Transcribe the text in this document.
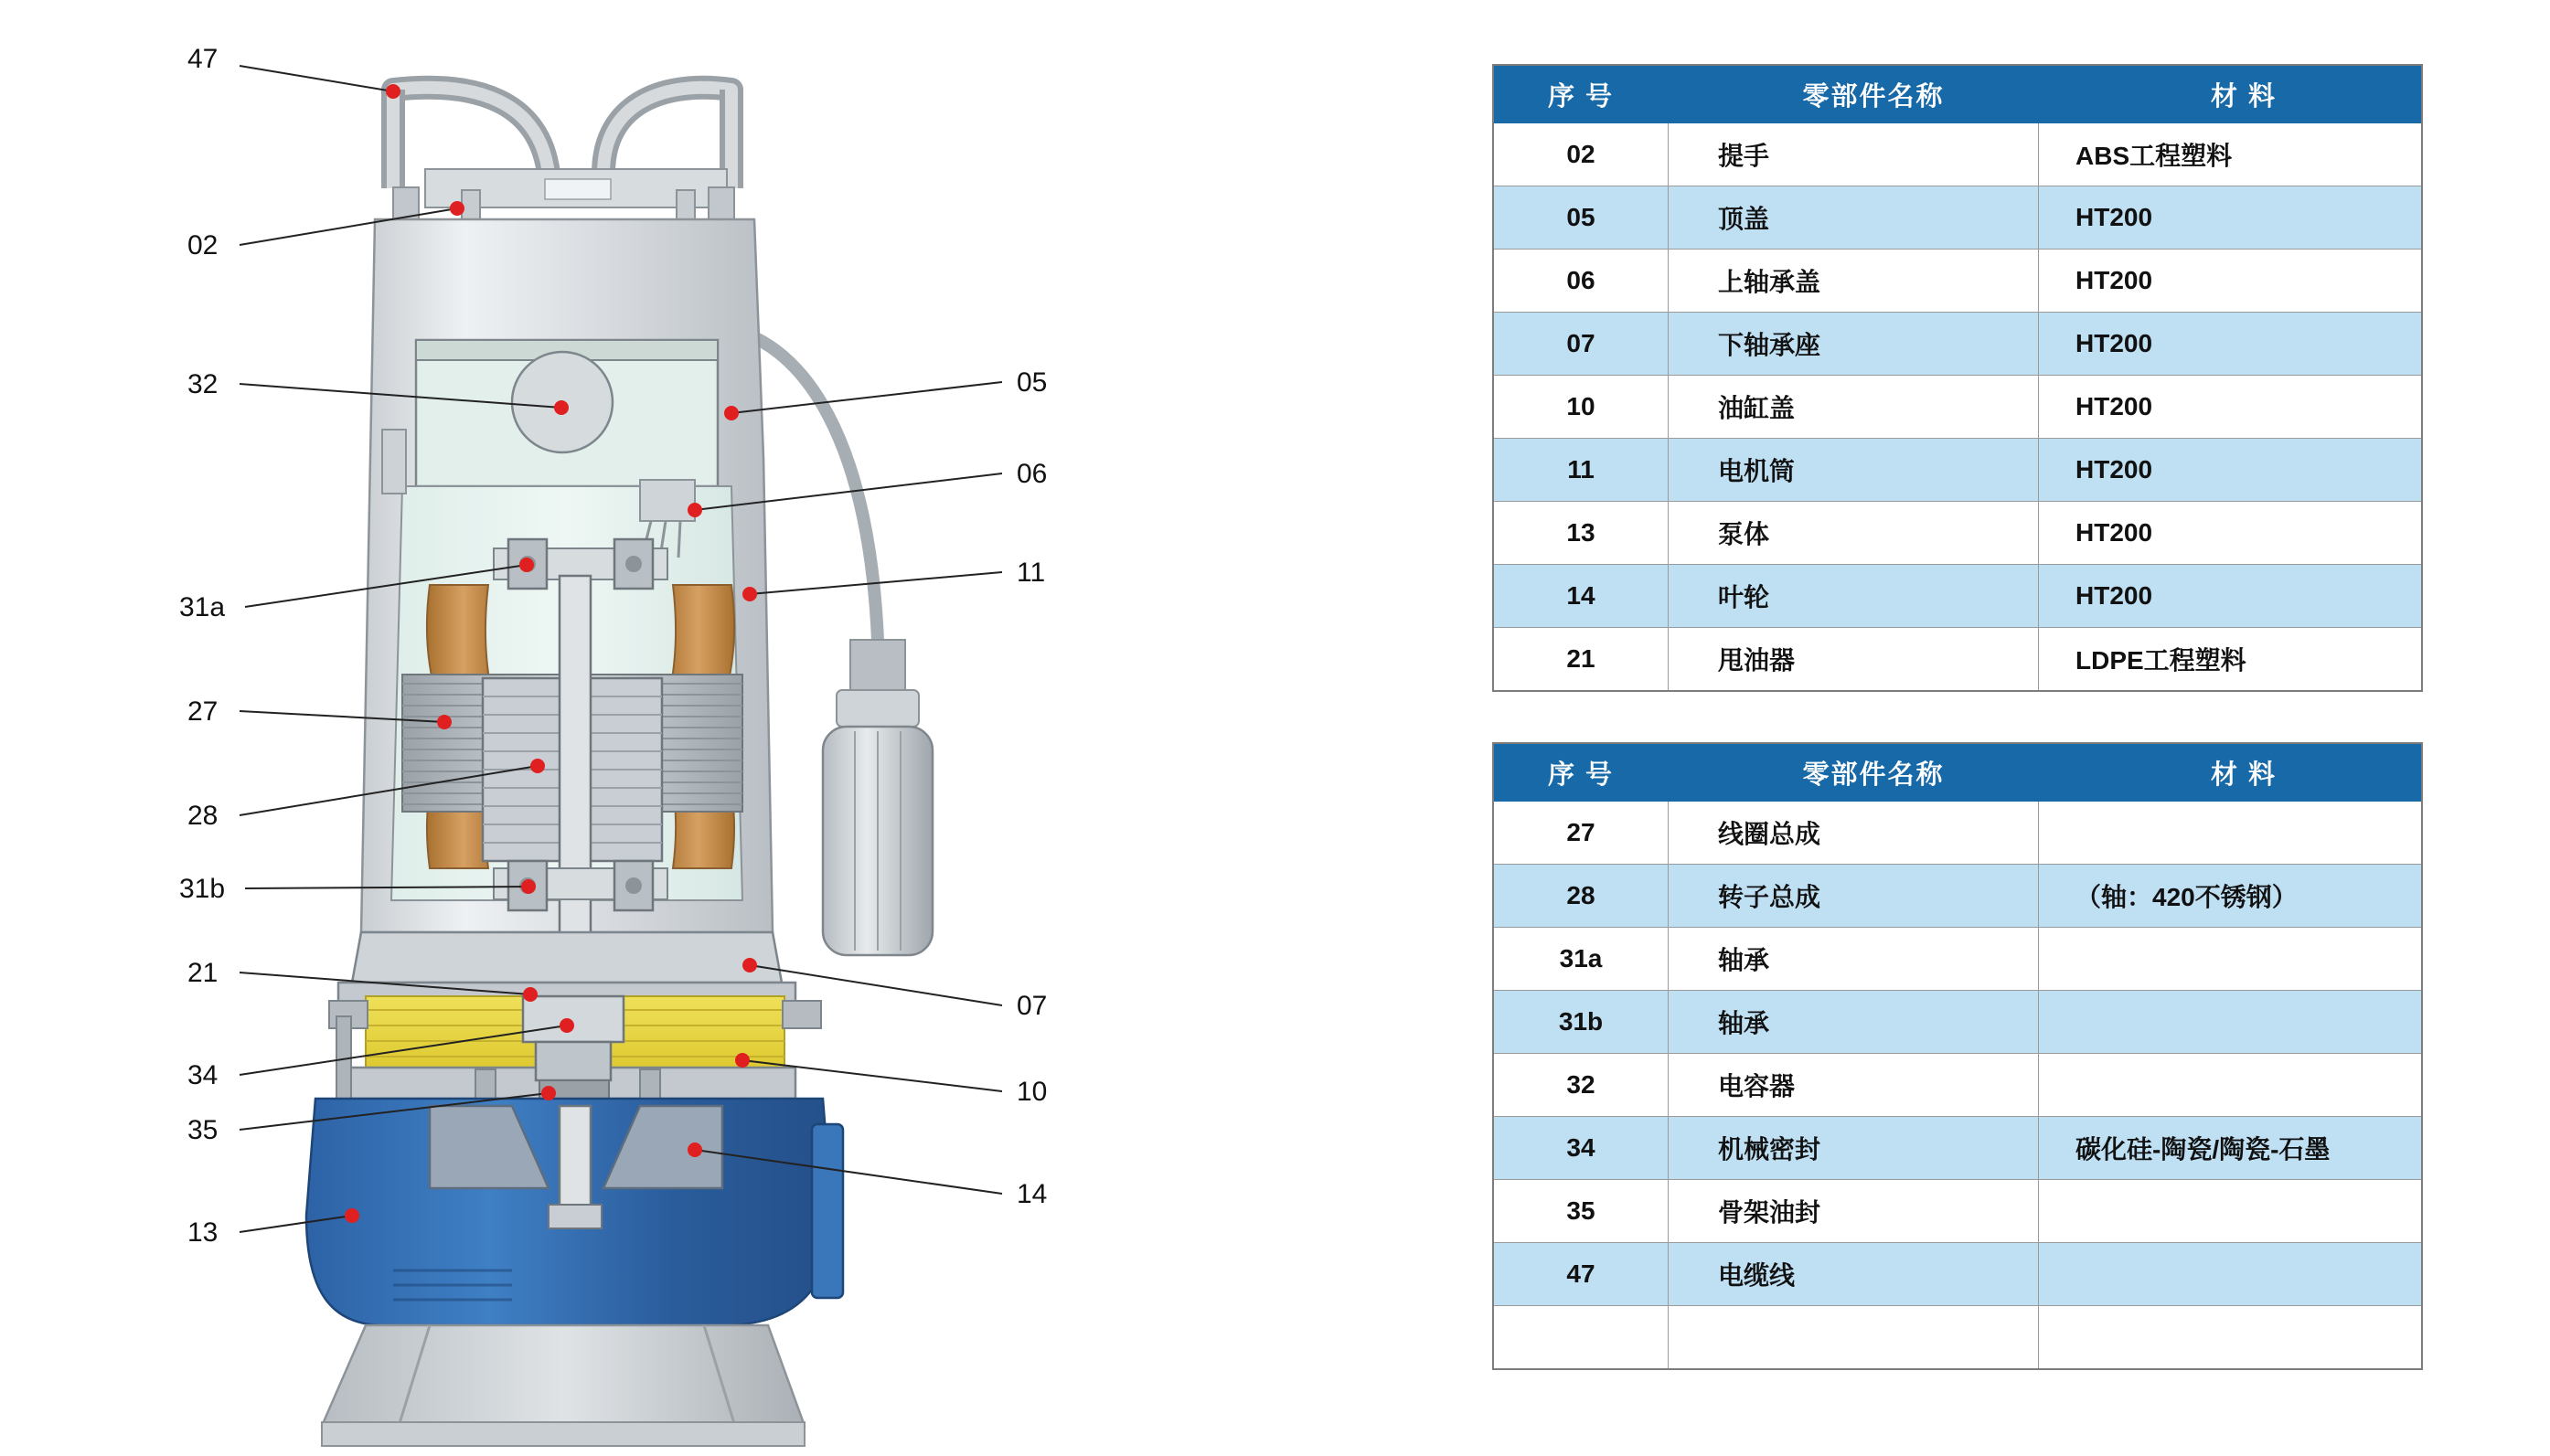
47
02
32
31a
27
28
31b
21
34
35
13
05
06
11
07
10
14
序 号	零部件名称	材 料
02	提手	ABS工程塑料
05	顶盖	HT200
06	上轴承盖	HT200
07	下轴承座	HT200
10	油缸盖	HT200
11	电机筒	HT200
13	泵体	HT200
14	叶轮	HT200
21	甩油器	LDPE工程塑料
序 号	零部件名称	材 料
27	线圈总成	
28	转子总成	（轴：420不锈钢）
31a	轴承	
31b	轴承	
32	电容器	
34	机械密封	碳化硅-陶瓷/陶瓷-石墨
35	骨架油封	
47	电缆线	
